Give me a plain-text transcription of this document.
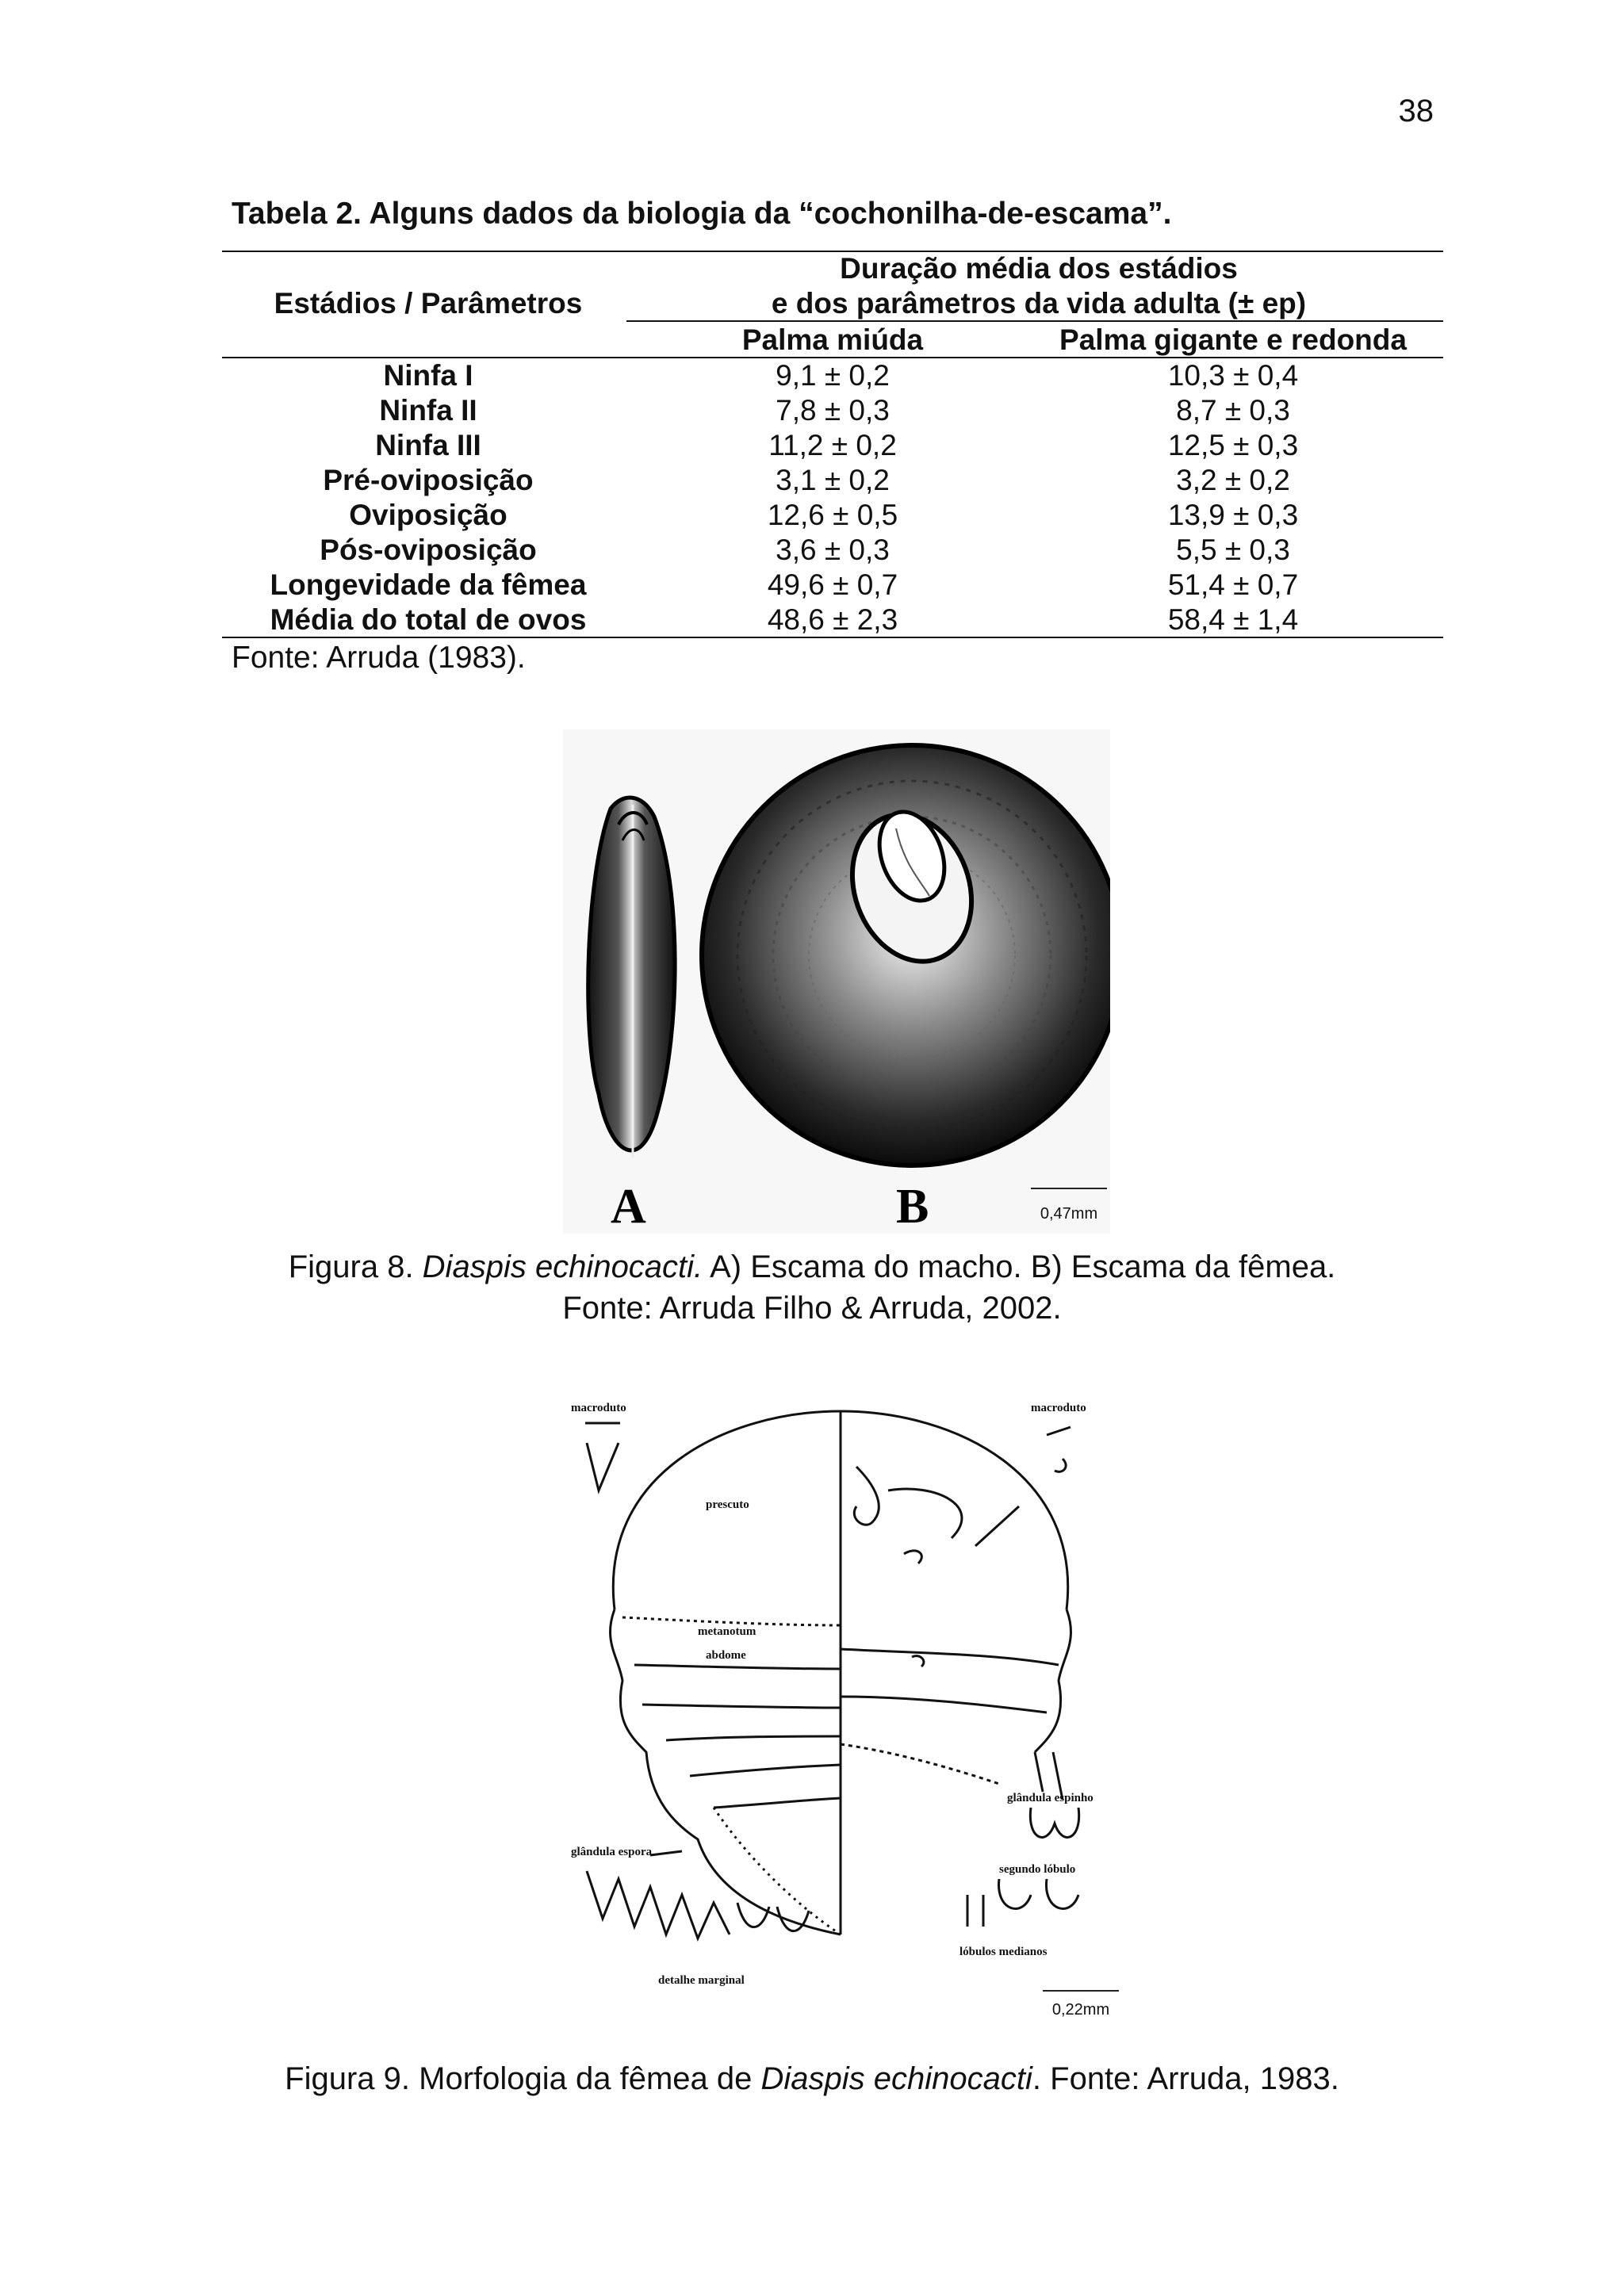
38
Tabela 2. Alguns dados da biologia da “cochonilha-de-escama”.
Estádios / Parâmetros
Duração média dos estádios
e dos parâmetros da vida adulta (± ep)
Palma miúda	Palma gigante e redonda
Ninfa I	9,1 ± 0,2	10,3 ± 0,4
Ninfa II	7,8 ± 0,3	8,7 ± 0,3
Ninfa III	11,2 ± 0,2	12,5 ± 0,3
Pré-oviposição	3,1 ± 0,2	3,2 ± 0,2
Oviposição	12,6 ± 0,5	13,9 ± 0,3
Pós-oviposição	3,6 ± 0,3	5,5 ± 0,3
Longevidade da fêmea	49,6 ± 0,7	51,4 ± 0,7
Média do total de ovos	48,6 ± 2,3	58,4 ± 1,4
Fonte: Arruda (1983).
A	B	0,47mm
Figura 8. Diaspis echinocacti. A) Escama do macho. B) Escama da fêmea.
Fonte: Arruda Filho & Arruda, 2002.
macroduto	macroduto
prescuto
metanotum
abdome
glândula espinho
glândula espora
segundo lóbulo
lóbulos medianos
detalhe marginal
0,22mm
Figura 9. Morfologia da fêmea de Diaspis echinocacti. Fonte: Arruda, 1983.
